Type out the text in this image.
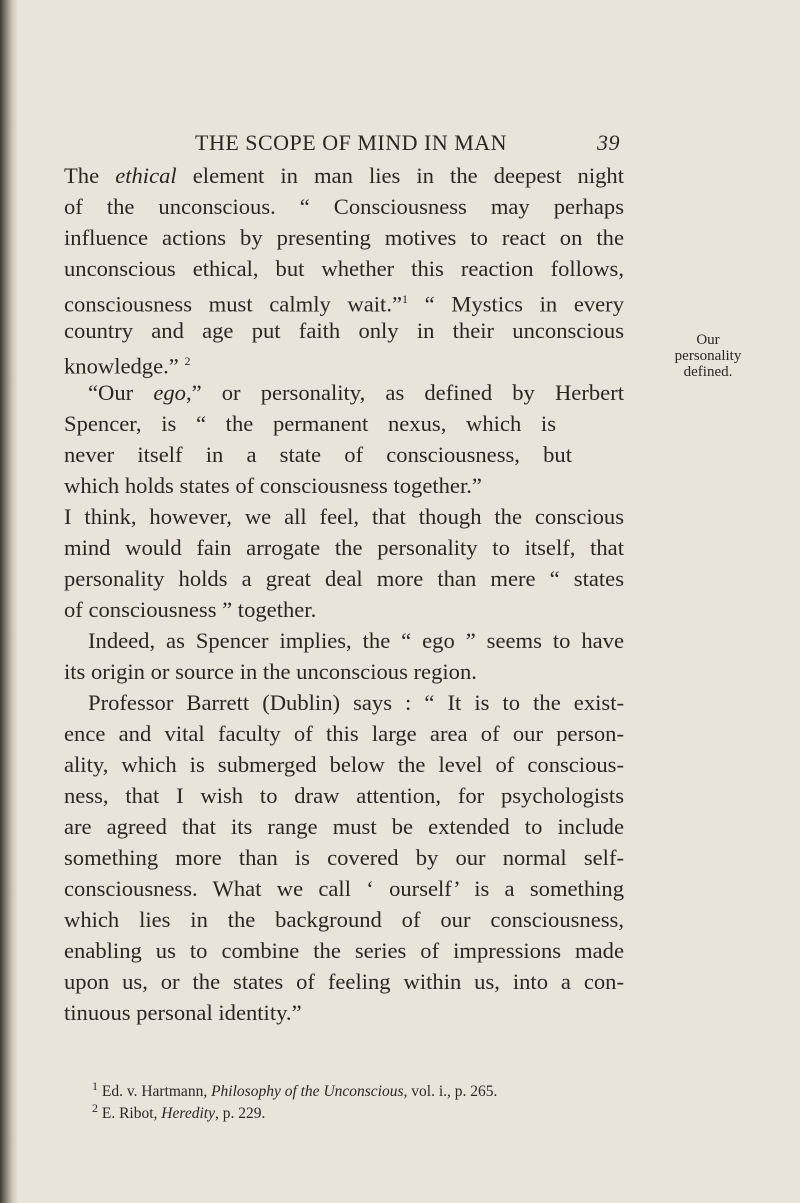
THE SCOPE OF MIND IN MAN	39
The ethical element in man lies in the deepest night
of the unconscious. “ Consciousness may perhaps
influence actions by presenting motives to react on the
unconscious ethical, but whether this reaction follows,
consciousness must calmly wait.”$^1$ “ Mystics in every
country and age put faith only in their unconscious
knowledge.” $^2$
“Our ego,” or personality, as defined by Herbert
Spencer, is “ the permanent nexus, which is
never itself in a state of consciousness, but
which holds states of consciousness together.”
I think, however, we all feel, that though the conscious
mind would fain arrogate the personality to itself, that
personality holds a great deal more than mere “ states
of consciousness ” together.
Indeed, as Spencer implies, the “ ego ” seems to have
its origin or source in the unconscious region.
Professor Barrett (Dublin) says : “ It is to the exist-
ence and vital faculty of this large area of our person-
ality, which is submerged below the level of conscious-
ness, that I wish to draw attention, for psychologists
are agreed that its range must be extended to include
something more than is covered by our normal self-
consciousness. What we call ‘ ourself’ is a something
which lies in the background of our consciousness,
enabling us to combine the series of impressions made
upon us, or the states of feeling within us, into a con-
tinuous personal identity.”
Our
personality
defined.
$^1$ Ed. v. Hartmann, Philosophy of the Unconscious, vol. i., p. 265.
$^2$ E. Ribot, Heredity, p. 229.
